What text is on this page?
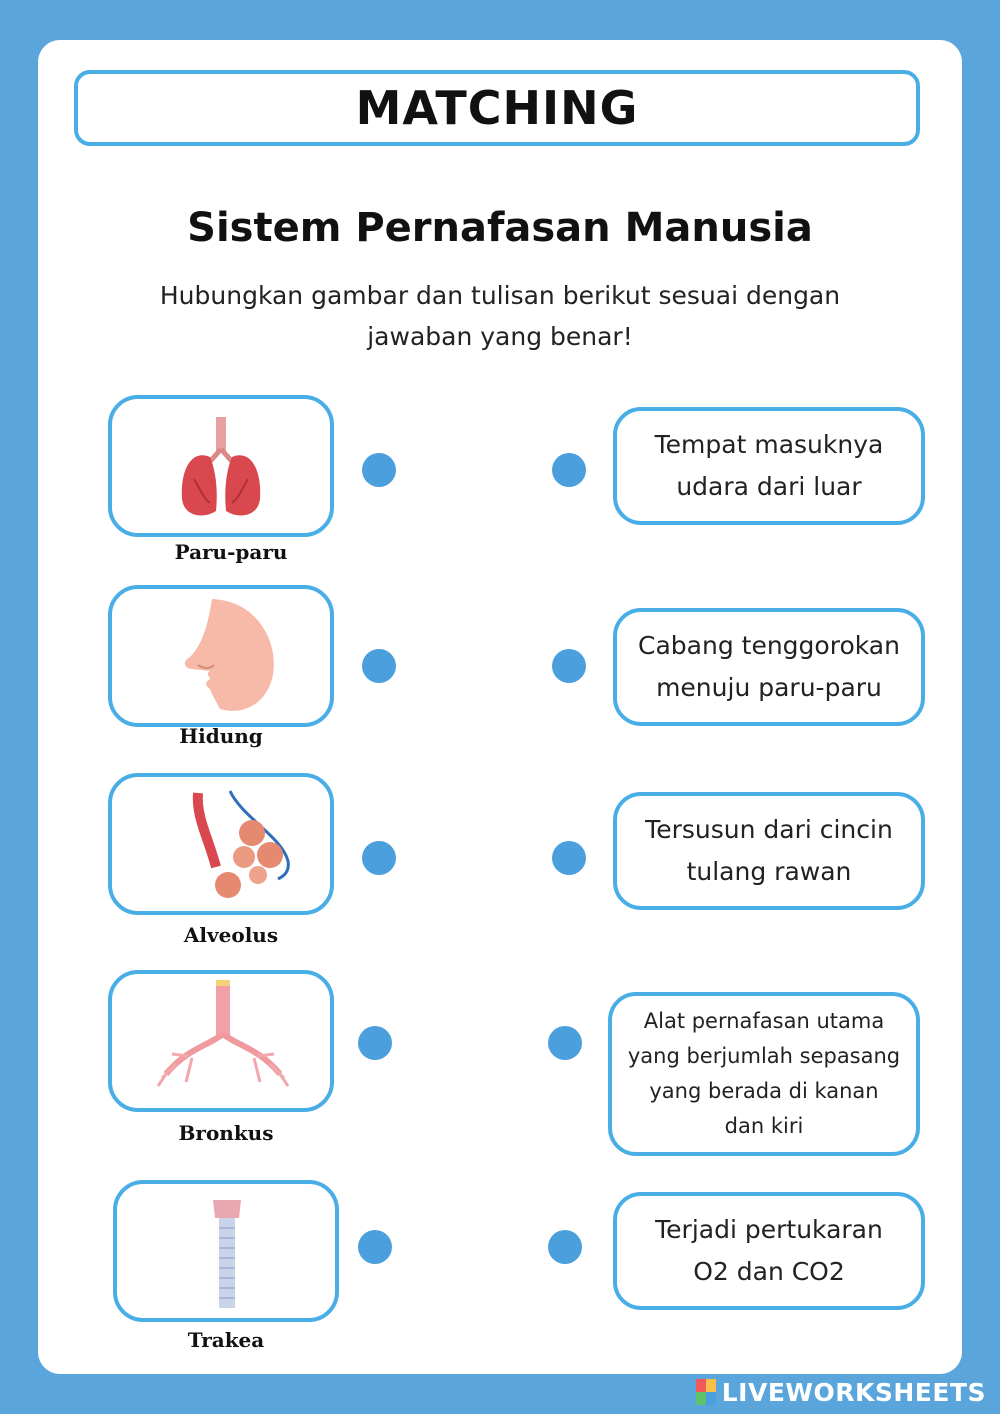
MATCHING
Sistem Pernafasan Manusia
Hubungkan gambar dan tulisan berikut sesuai dengan jawaban yang benar!
Paru-paru
Hidung
Alveolus
Bronkus
Trakea
Tempat masuknya
udara dari luar
Cabang tenggorokan
menuju paru-paru
Tersusun dari cincin
tulang rawan
Alat pernafasan utama
yang berjumlah sepasang
yang berada di kanan
dan kiri
Terjadi pertukaran
O2 dan CO2
LIVEWORKSHEETS
